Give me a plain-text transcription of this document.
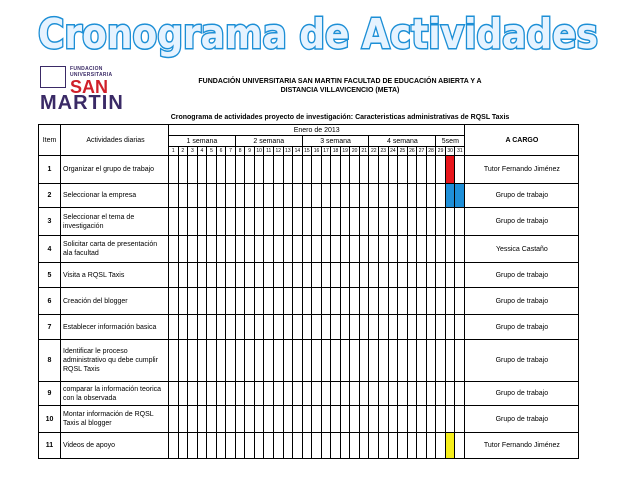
Cronograma de Actividades
FUNDACION
UNIVERSITARIA
SAN
MARTIN
FUNDACIÓN UNIVERSITARIA SAN MARTIN FACULTAD DE EDUCACIÓN ABIERTA Y A
DISTANCIA VILLAVICENCIO (META)
Cronograma de actividades proyecto de investigación: Caracteristicas administrativas de RQSL Taxis
Item	Actividades diarias	Enero de 2013																															A CARGO
		1 semana							2 semana							3 semana							4 semana							5sem			
		1	2	3	4	5	6	7	8	9	10	11	12	13	14	15	16	17	18	19	20	21	22	23	24	25	26	27	28	29	30	31	
1	Organizar el grupo de trabajo																																Tutor Fernando Jiménez
2	Seleccionar la empresa																																Grupo de trabajo
3	Seleccionar el tema de investigación																																Grupo de trabajo
4	Solicitar carta de presentación ala facultad																																Yessica Castaño
5	Visita a RQSL Taxis																																Grupo de trabajo
6	Creación del blogger																																Grupo de trabajo
7	Establecer información basica																																Grupo de trabajo
8	Identificar le proceso administrativo qu debe cumplir RQSL Taxis																																Grupo de trabajo
9	comparar la información teorica con la observada																																Grupo de trabajo
10	Montar información de RQSL Taxis al blogger																																Grupo de trabajo
11	Videos de apoyo																																Tutor Fernando Jiménez
